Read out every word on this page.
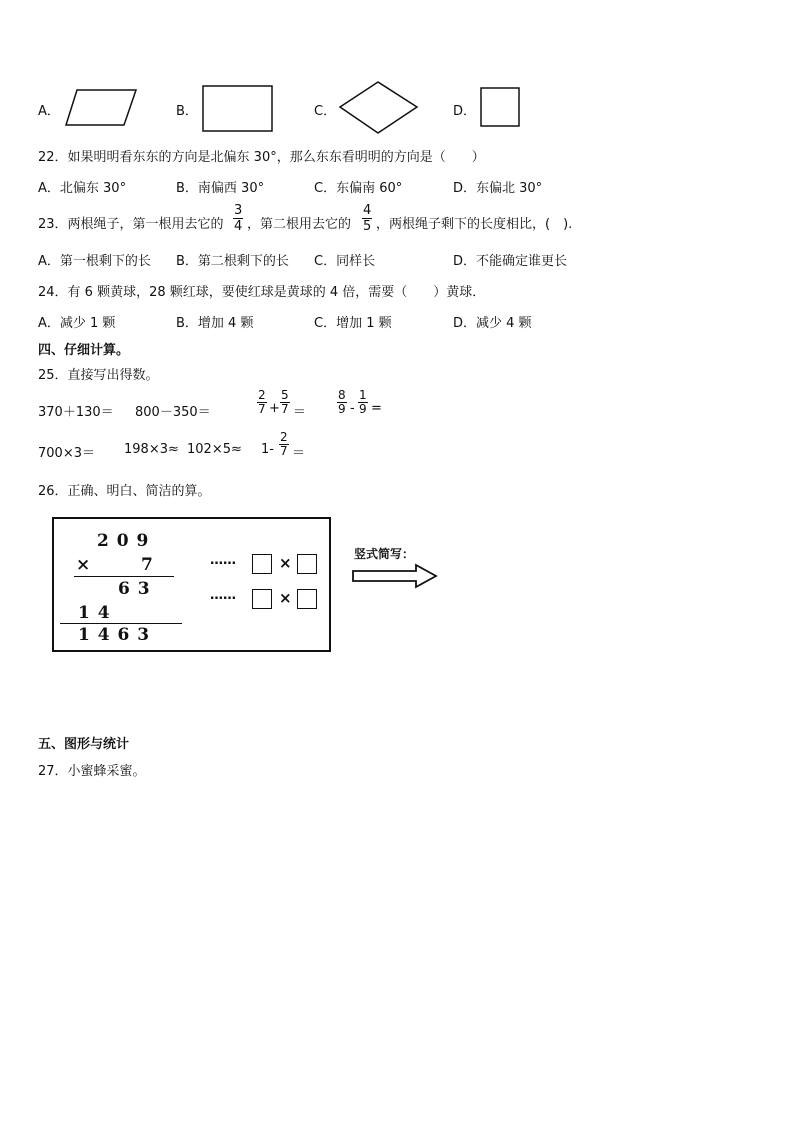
A．	B．	C．	D．
22．如果明明看东东的方向是北偏东 30°，那么东东看明明的方向是（　　）
A．北偏东 30°	B．南偏西 30°	C．东偏南 60°	D．东偏北 30°
23．两根绳子，第一根用去它的 $\frac{3}{4}$ ，第二根用去它的 $\frac{4}{5}$ ，两根绳子剩下的长度相比，(　).
A．第一根剩下的长 B．第二根剩下的长 C．同样长	D．不能确定谁更长
24．有 6 颗黄球，28 颗红球，要使红球是黄球的 4 倍，需要（　　）黄球．
A．减少 1 颗	B．增加 4 颗	C．增加 1 颗	D．减少 4 颗
四、仔细计算。
25．直接写出得数。
370＋130＝ 800－350＝	$\frac{2}{7} + \frac{5}{7}$ ＝	$\frac{8}{9} - \frac{1}{9}$ =
$700\times 3= 198\times 3\approx 102\times 5\approx 1- \frac{2}{7}$ ＝
26．正确、明白、简洁的算。
2 0 9
×	7
6 3
1 4
1 4 6 3
……	×
……	×
竖式简写：
五、图形与统计
27．小蜜蜂采蜜。
